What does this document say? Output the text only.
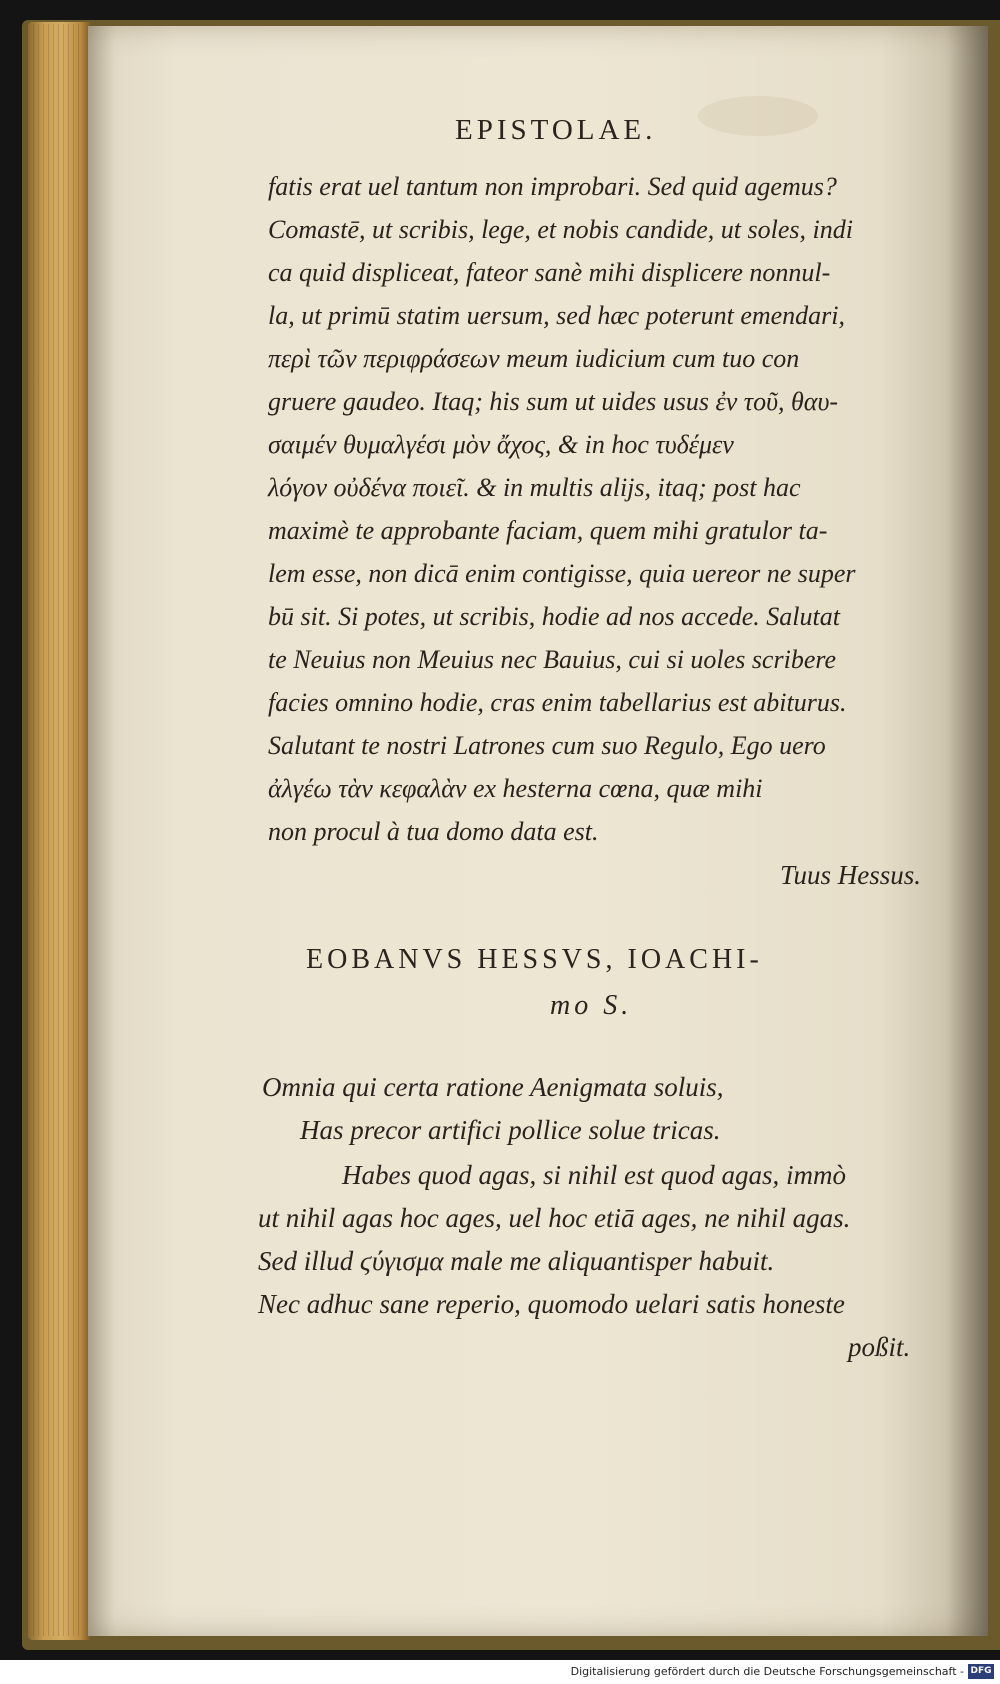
EPISTOLAE.
fatis erat uel tantum non improbari. Sed quid agemus?
Comastē, ut scribis, lege, et nobis candide, ut soles, indi
ca quid displiceat, fateor sanè mihi displicere nonnul-
la, ut primū statim uersum, sed hæc poterunt emendari,
περὶ τῶν περιφράσεων meum iudicium cum tuo con
gruere gaudeo. Itaq; his sum ut uides usus ἐν τοῦ, θαυ-
σαιμέν θυμαλγέσι μὸν ἄχος, & in hoc τυδέμεν
λόγον οὐδένα ποιεῖ. & in multis alijs, itaq; post hac
maximè te approbante faciam, quem mihi gratulor ta-
lem esse, non dicā enim contigisse, quia uereor ne super
bū sit. Si potes, ut scribis, hodie ad nos accede. Salutat
te Neuius non Meuius nec Bauius, cui si uoles scribere
facies omnino hodie, cras enim tabellarius est abiturus.
Salutant te nostri Latrones cum suo Regulo, Ego uero
ἀλγέω τὰν κεφαλὰν ex hesterna cœna, quæ mihi
non procul à tua domo data est.
Tuus Hessus.
EOBANVS HESSVS, IOACHI-
mo S.
Omnia qui certa ratione Aenigmata soluis,
Has precor artifici pollice solue tricas.
Habes quod agas, si nihil est quod agas, immò
ut nihil agas hoc ages, uel hoc etiā ages, ne nihil agas.
Sed illud ϛύγισμα male me aliquantisper habuit.
Nec adhuc sane reperio, quomodo uelari satis honeste
poßit.
Digitalisierung gefördert durch die Deutsche Forschungsgemeinschaft - DFG
